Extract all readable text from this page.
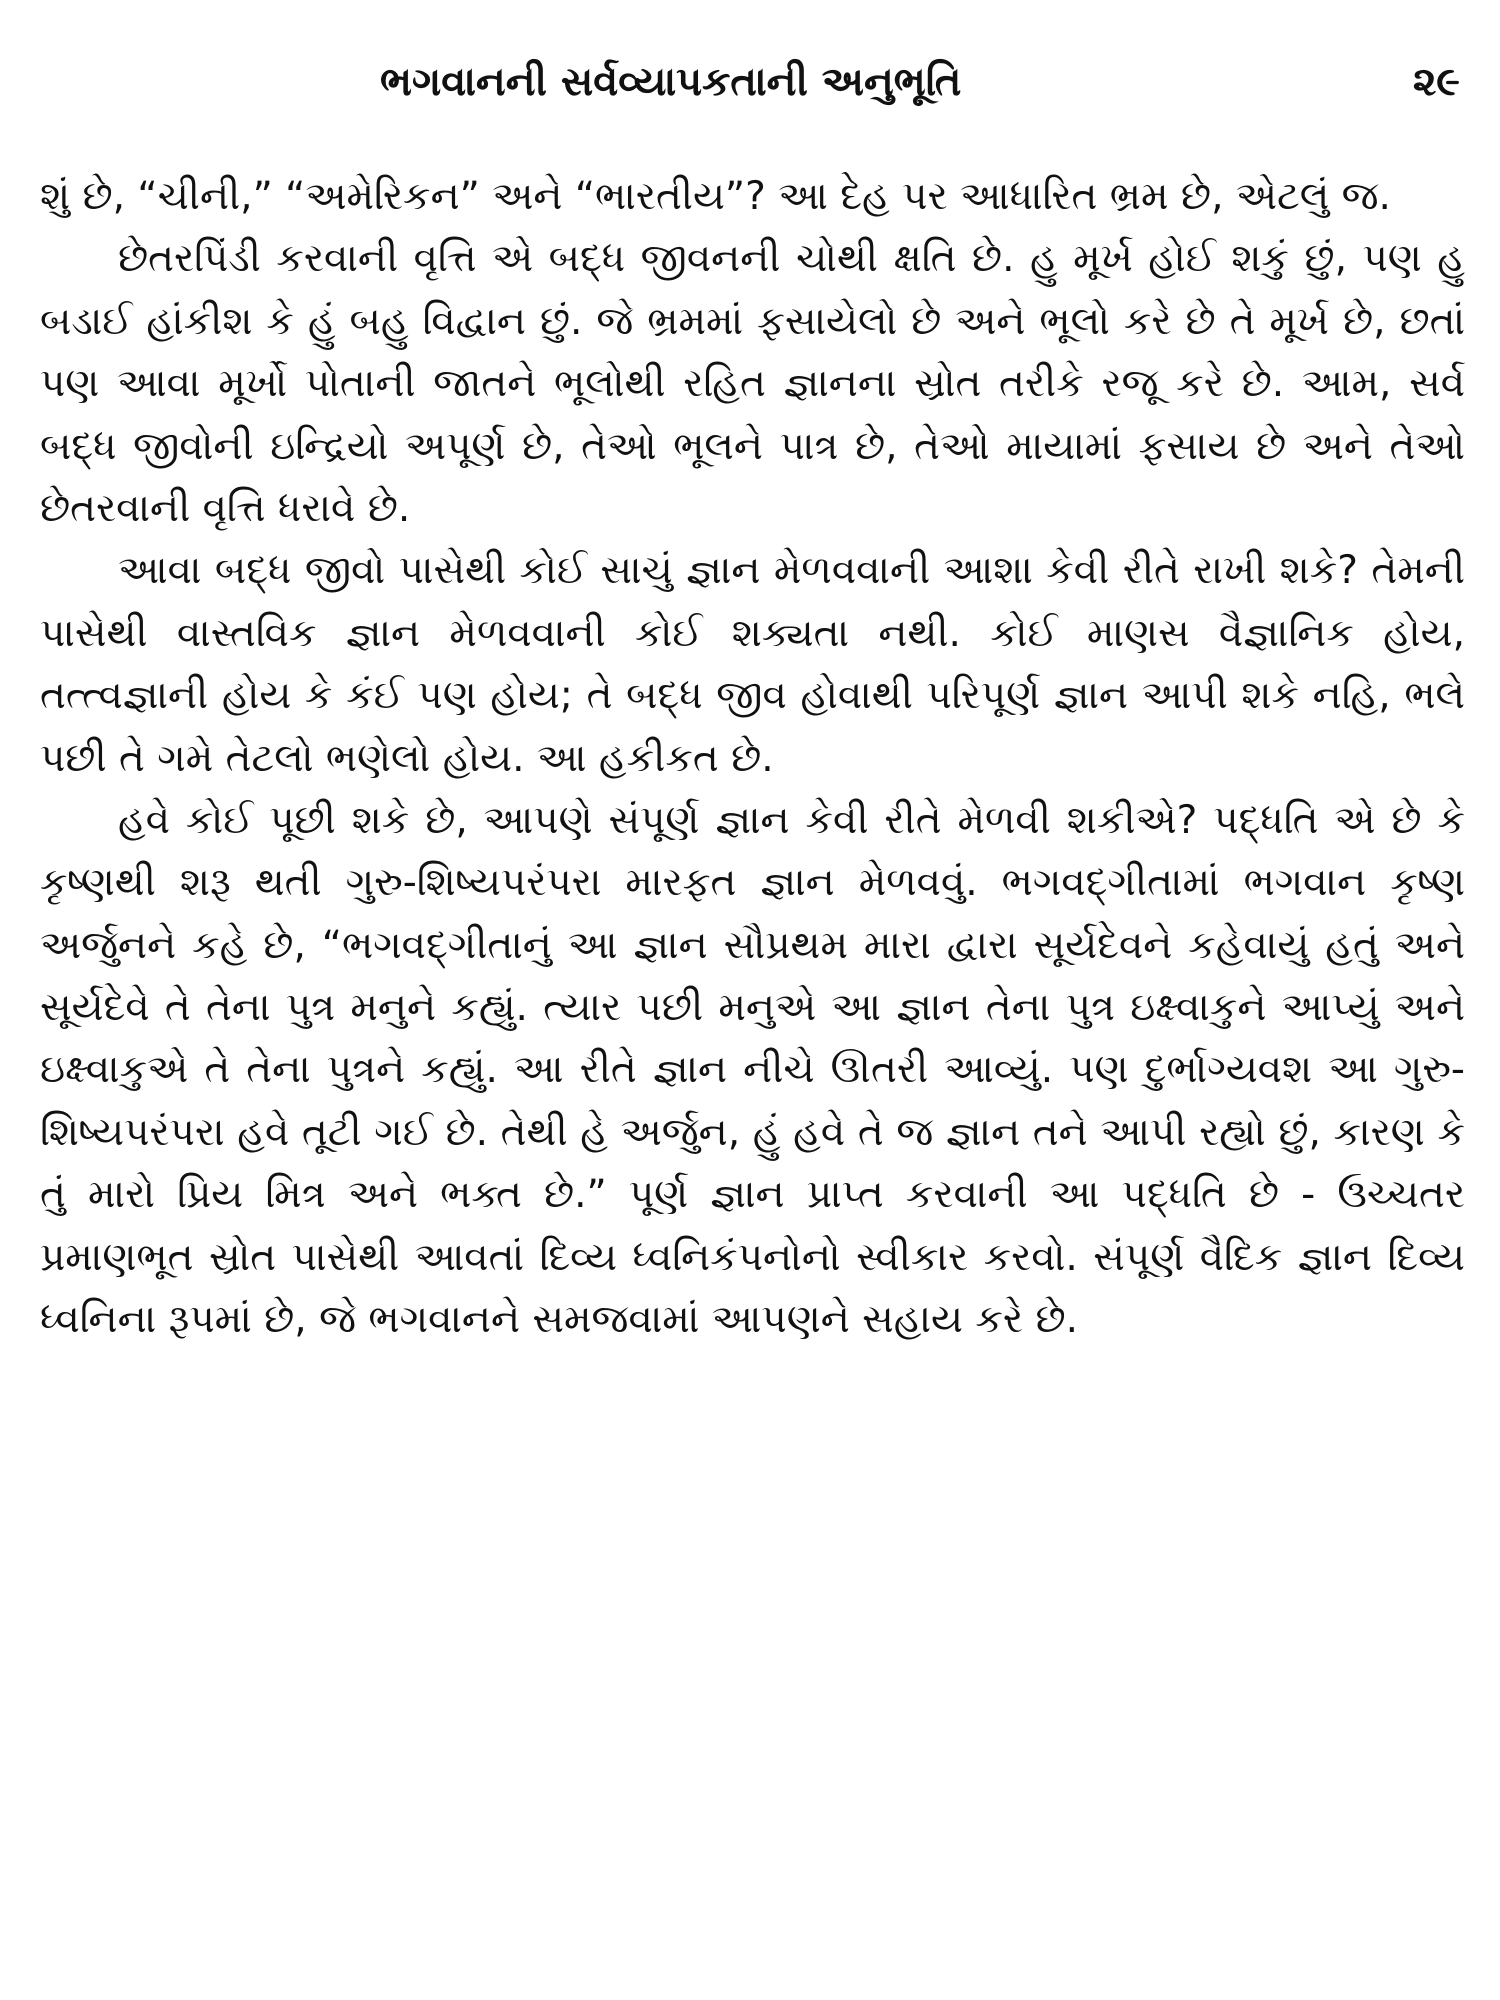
ભગવાનની સર્વવ્યાપકતાની અનુભૂતિ	૨૯

શું છે, “ચીની,” “અમેરિકન” અને “ભારતીય”? આ દેહ પર આધારિત ભ્રમ છે, એટલું જ.

છેતરપિંડી કરવાની વૃત્તિ એ બદ્ધ જીવનની ચોથી ક્ષતિ છે. હુ મૂર્ખ હોઈ શકું છું, પણ હુ બડાઈ હાંકીશ કે હું બહુ વિદ્વાન છું. જે ભ્રમમાં ફસાયેલો છે અને ભૂલો કરે છે તે મૂર્ખ છે, છતાં પણ આવા મૂર્ખો પોતાની જાતને ભૂલોથી રહિત જ્ઞાનના સ્રોત તરીકે રજૂ કરે છે. આમ, સર્વ બદ્ધ જીવોની ઇન્દ્રિયો અપૂર્ણ છે, તેઓ ભૂલને પાત્ર છે, તેઓ માયામાં ફસાય છે અને તેઓ છેતરવાની વૃત્તિ ધરાવે છે.

આવા બદ્ધ જીવો પાસેથી કોઈ સાચું જ્ઞાન મેળવવાની આશા કેવી રીતે રાખી શકે? તેમની પાસેથી વાસ્તવિક જ્ઞાન મેળવવાની કોઈ શક્યતા નથી. કોઈ માણસ વૈજ્ઞાનિક હોય, તત્ત્વજ્ઞાની હોય કે કંઈ પણ હોય; તે બદ્ધ જીવ હોવાથી પરિપૂર્ણ જ્ઞાન આપી શકે નહિ, ભલે પછી તે ગમે તેટલો ભણેલો હોય. આ હકીકત છે.

હવે કોઈ પૂછી શકે છે, આપણે સંપૂર્ણ જ્ઞાન કેવી રીતે મેળવી શકીએ? પદ્ધતિ એ છે કે કૃષ્ણથી શરૂ થતી ગુરુ-શિષ્યપરંપરા મારફત જ્ઞાન મેળવવું. ભગવદ્‌ગીતામાં ભગવાન કૃષ્ણ અર્જુનને કહે છે, “ભગવદ્‌ગીતાનું આ જ્ઞાન સૌપ્રથમ મારા દ્વારા સૂર્યદેવને કહેવાયું હતું અને સૂર્યદેવે તે તેના પુત્ર મનુને કહ્યું. ત્યાર પછી મનુએ આ જ્ઞાન તેના પુત્ર ઇક્ષ્વાકુને આપ્યું અને ઇક્ષ્વાકુએ તે તેના પુત્રને કહ્યું. આ રીતે જ્ઞાન નીચે ઊતરી આવ્યું. પણ દુર્ભાગ્યવશ આ ગુરુ-શિષ્યપરંપરા હવે તૂટી ગઈ છે. તેથી હે અર્જુન, હું હવે તે જ જ્ઞાન તને આપી રહ્યો છું, કારણ કે તું મારો પ્રિય મિત્ર અને ભક્ત છે.” પૂર્ણ જ્ઞાન પ્રાપ્ત કરવાની આ પદ્ધતિ છે - ઉચ્ચતર પ્રમાણભૂત સ્રોત પાસેથી આવતાં દિવ્ય ધ્વનિકંપનોનો સ્વીકાર કરવો. સંપૂર્ણ વૈદિક જ્ઞાન દિવ્ય ધ્વનિના રૂપમાં છે, જે ભગવાનને સમજવામાં આપણને સહાય કરે છે.
